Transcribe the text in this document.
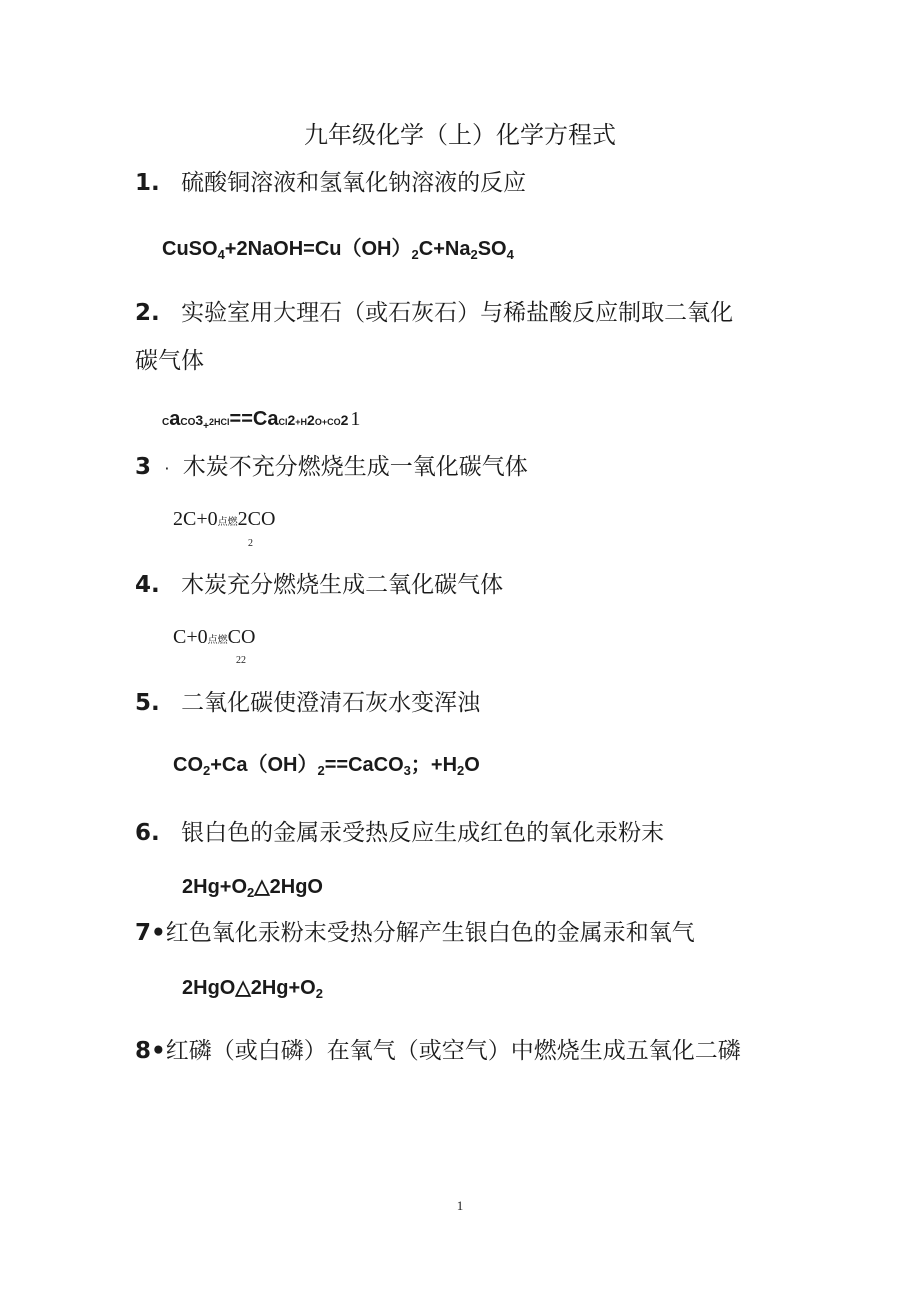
九年级化学（上）化学方程式
1. 硫酸铜溶液和氢氧化钠溶液的反应
$CuSO_4+2NaOH=Cu(OH)_2C+Na_2SO_4$
2. 实验室用大理石（或石灰石）与稀盐酸反应制取二氧化
碳气体
$CaCO3_+2HCl==CaCl2+H2O+CO2$ 1
3 · 木炭不充分燃烧生成一氧化碳气体
2C+0点燃2CO
2
4. 木炭充分燃烧生成二氧化碳气体
C+0点燃CO
22
5. 二氧化碳使澄清石灰水变浑浊
$CO_2+Ca(OH)_2==CaCO_3$；$+H_2O$
6. 银白色的金属汞受热反应生成红色的氧化汞粉末
$2Hg+O_2\triangle 2HgO$
7•红色氧化汞粉末受热分解产生银白色的金属汞和氧气
$2HgO\triangle 2Hg+O_2$
8•红磷（或白磷）在氧气（或空气）中燃烧生成五氧化二磷
1
